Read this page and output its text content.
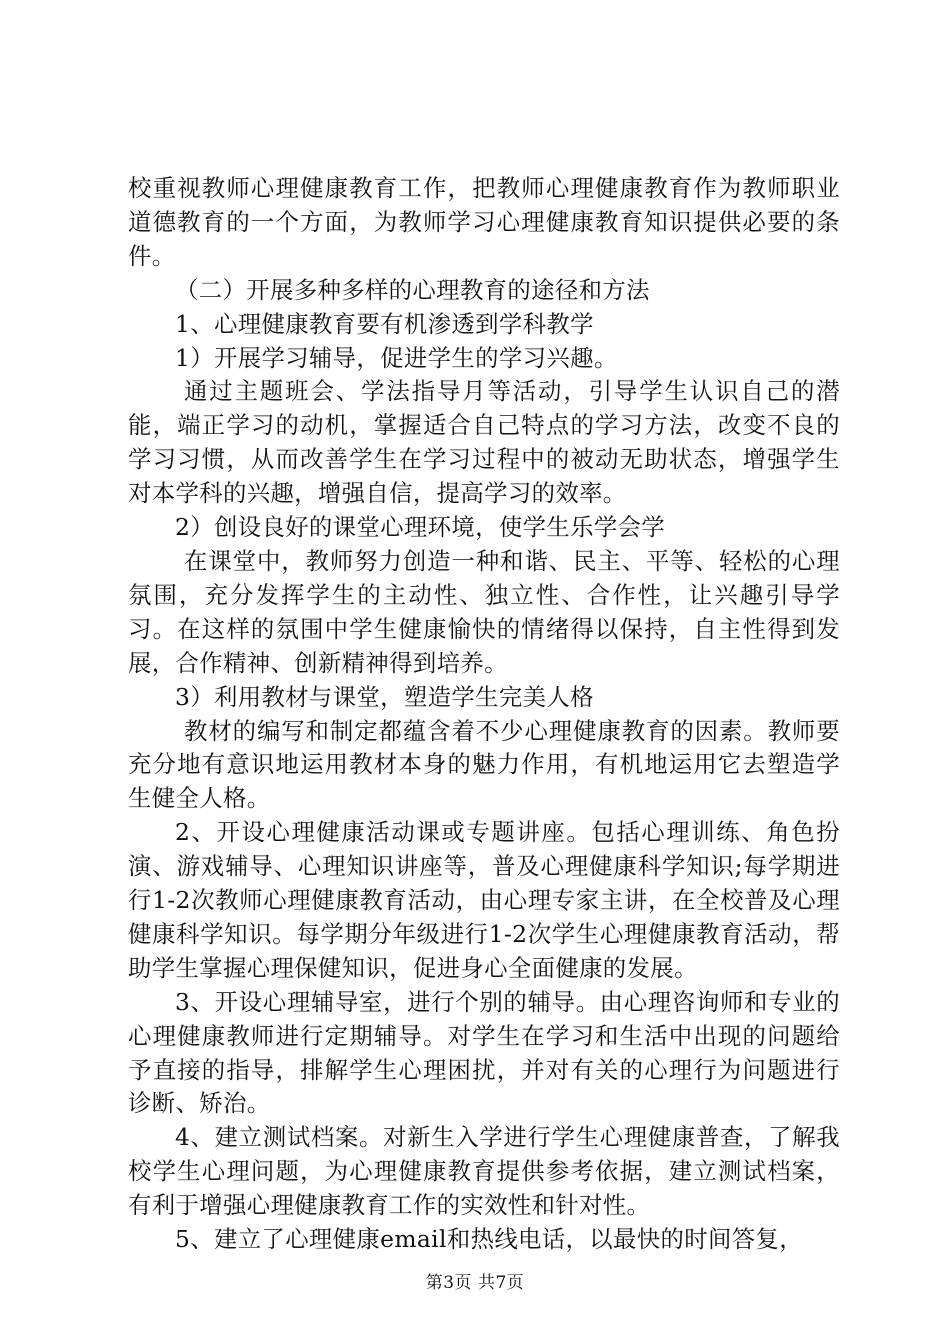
校重视教师心理健康教育工作，把教师心理健康教育作为教师职业道德教育的一个方面，为教师学习心理健康教育知识提供必要的条件。

（二）开展多种多样的心理教育的途径和方法

1、心理健康教育要有机渗透到学科教学

1）开展学习辅导，促进学生的学习兴趣。

通过主题班会、学法指导月等活动，引导学生认识自己的潜能，端正学习的动机，掌握适合自己特点的学习方法，改变不良的学习习惯，从而改善学生在学习过程中的被动无助状态，增强学生对本学科的兴趣，增强自信，提高学习的效率。

2）创设良好的课堂心理环境，使学生乐学会学

在课堂中，教师努力创造一种和谐、民主、平等、轻松的心理氛围，充分发挥学生的主动性、独立性、合作性，让兴趣引导学习。在这样的氛围中学生健康愉快的情绪得以保持，自主性得到发展，合作精神、创新精神得到培养。

3）利用教材与课堂，塑造学生完美人格

教材的编写和制定都蕴含着不少心理健康教育的因素。教师要充分地有意识地运用教材本身的魅力作用，有机地运用它去塑造学生健全人格。

2、开设心理健康活动课或专题讲座。包括心理训练、角色扮演、游戏辅导、心理知识讲座等，普及心理健康科学知识;每学期进行1-2次教师心理健康教育活动，由心理专家主讲，在全校普及心理健康科学知识。每学期分年级进行1-2次学生心理健康教育活动，帮助学生掌握心理保健知识，促进身心全面健康的发展。

3、开设心理辅导室，进行个别的辅导。由心理咨询师和专业的心理健康教师进行定期辅导。对学生在学习和生活中出现的问题给予直接的指导，排解学生心理困扰，并对有关的心理行为问题进行诊断、矫治。

4、建立测试档案。对新生入学进行学生心理健康普查，了解我校学生心理问题，为心理健康教育提供参考依据，建立测试档案，有利于增强心理健康教育工作的实效性和针对性。

5、建立了心理健康email和热线电话，以最快的时间答复，

第3页 共7页
